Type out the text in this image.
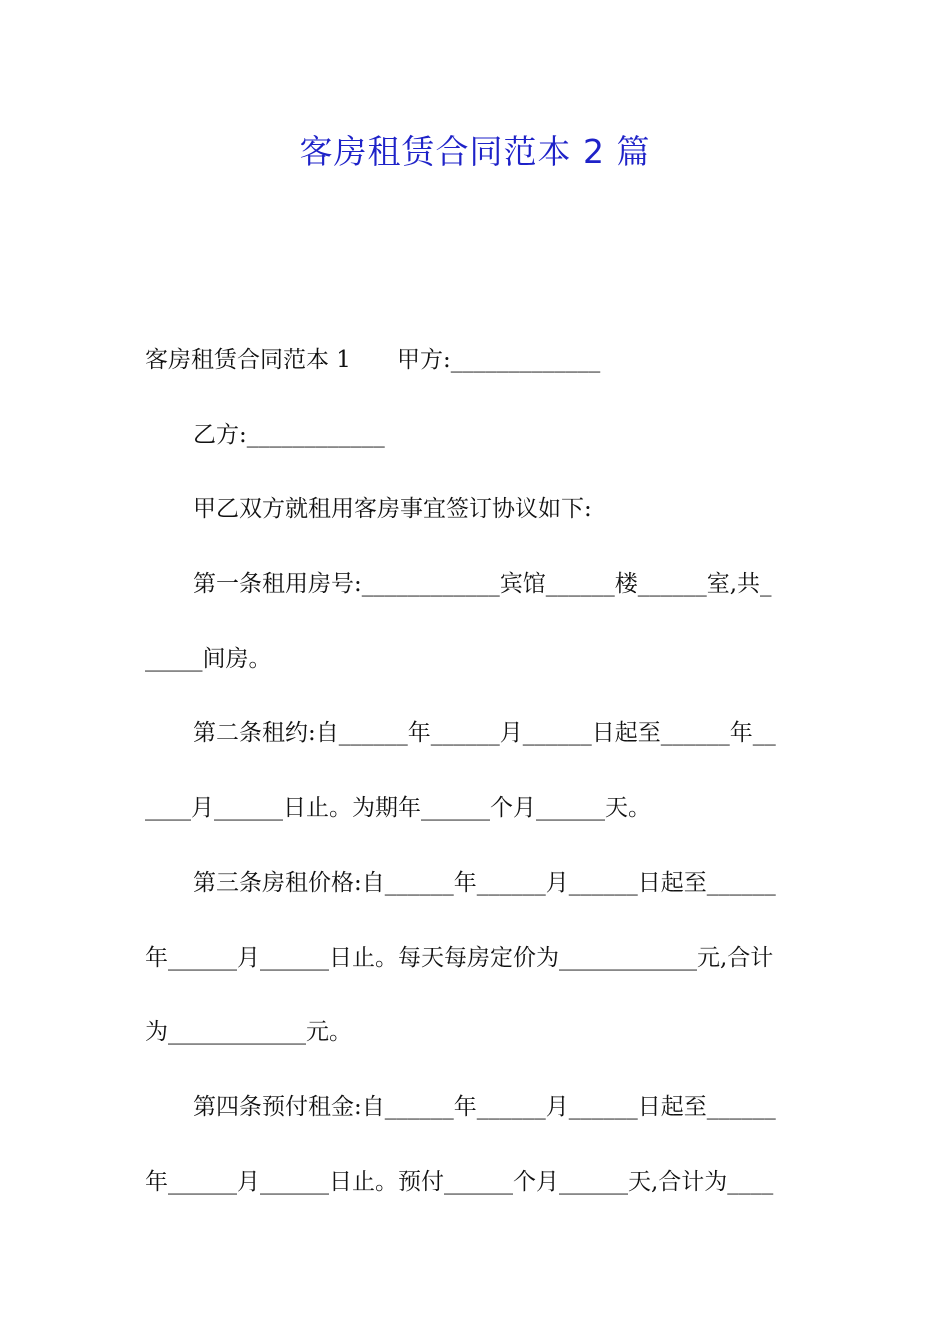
客房租赁合同范本 2 篇
客房租赁合同范本 1　　甲方:_____________
乙方:____________
甲乙双方就租用客房事宜签订协议如下:
第一条租用房号:____________宾馆______楼______室,共_
_____间房。
第二条租约:自______年______月______日起至______年__
____月______日止。为期年______个月______天。
第三条房租价格:自______年______月______日起至______
年______月______日止。每天每房定价为____________元,合计
为____________元。
第四条预付租金:自______年______月______日起至______
年______月______日止。预付______个月______天,合计为____
